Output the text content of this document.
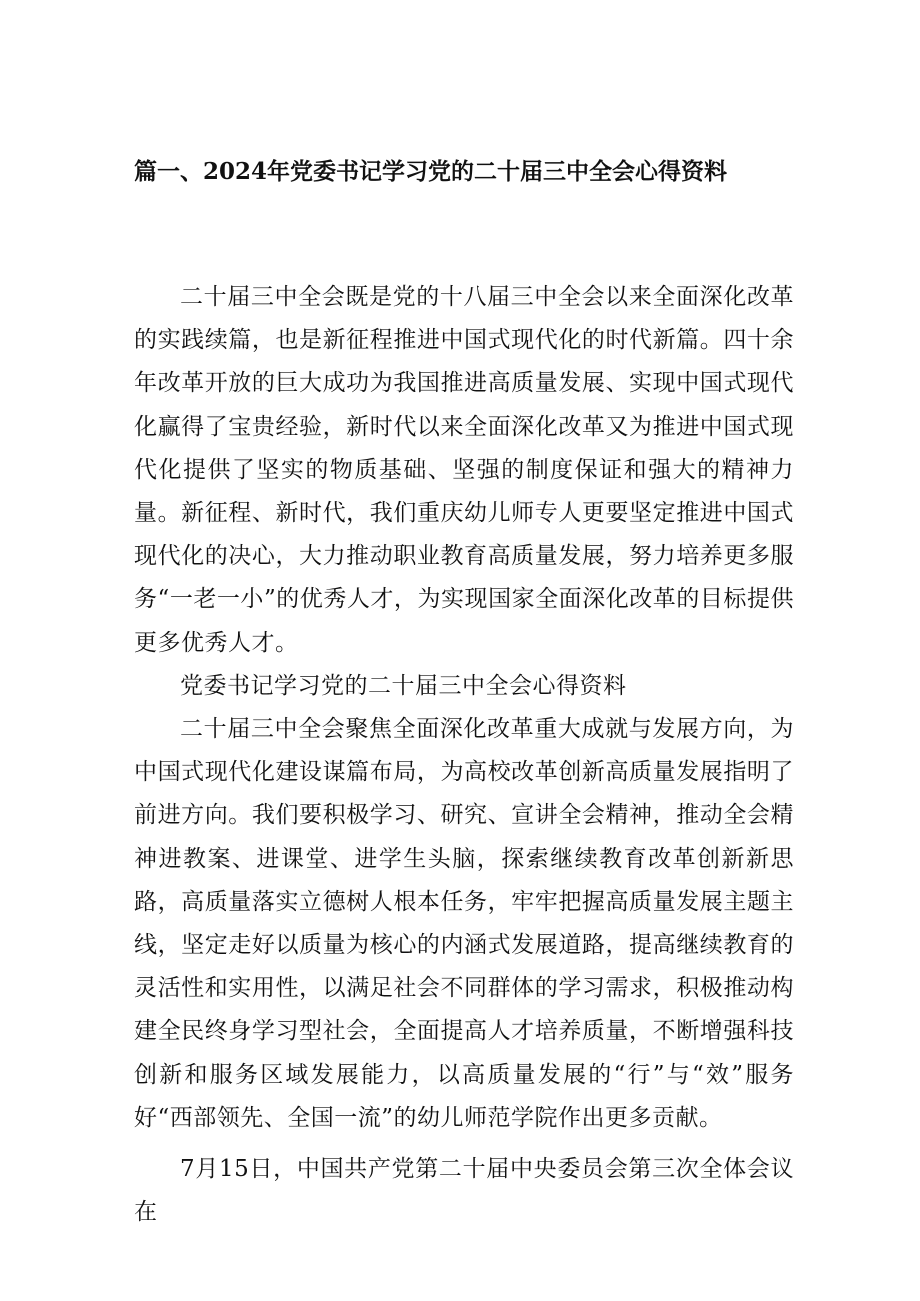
篇一、2024年党委书记学习党的二十届三中全会心得资料

二十届三中全会既是党的十八届三中全会以来全面深化改革的实践续篇，也是新征程推进中国式现代化的时代新篇。四十余年改革开放的巨大成功为我国推进高质量发展、实现中国式现代化赢得了宝贵经验，新时代以来全面深化改革又为推进中国式现代化提供了坚实的物质基础、坚强的制度保证和强大的精神力量。新征程、新时代，我们重庆幼儿师专人更要坚定推进中国式现代化的决心，大力推动职业教育高质量发展，努力培养更多服务“一老一小”的优秀人才，为实现国家全面深化改革的目标提供更多优秀人才。

党委书记学习党的二十届三中全会心得资料

二十届三中全会聚焦全面深化改革重大成就与发展方向，为中国式现代化建设谋篇布局，为高校改革创新高质量发展指明了前进方向。我们要积极学习、研究、宣讲全会精神，推动全会精神进教案、进课堂、进学生头脑，探索继续教育改革创新新思路，高质量落实立德树人根本任务，牢牢把握高质量发展主题主线，坚定走好以质量为核心的内涵式发展道路，提高继续教育的灵活性和实用性，以满足社会不同群体的学习需求，积极推动构建全民终身学习型社会，全面提高人才培养质量，不断增强科技创新和服务区域发展能力，以高质量发展的“行”与“效”服务好“西部领先、全国一流”的幼儿师范学院作出更多贡献。

7月15日，中国共产党第二十届中央委员会第三次全体会议在
